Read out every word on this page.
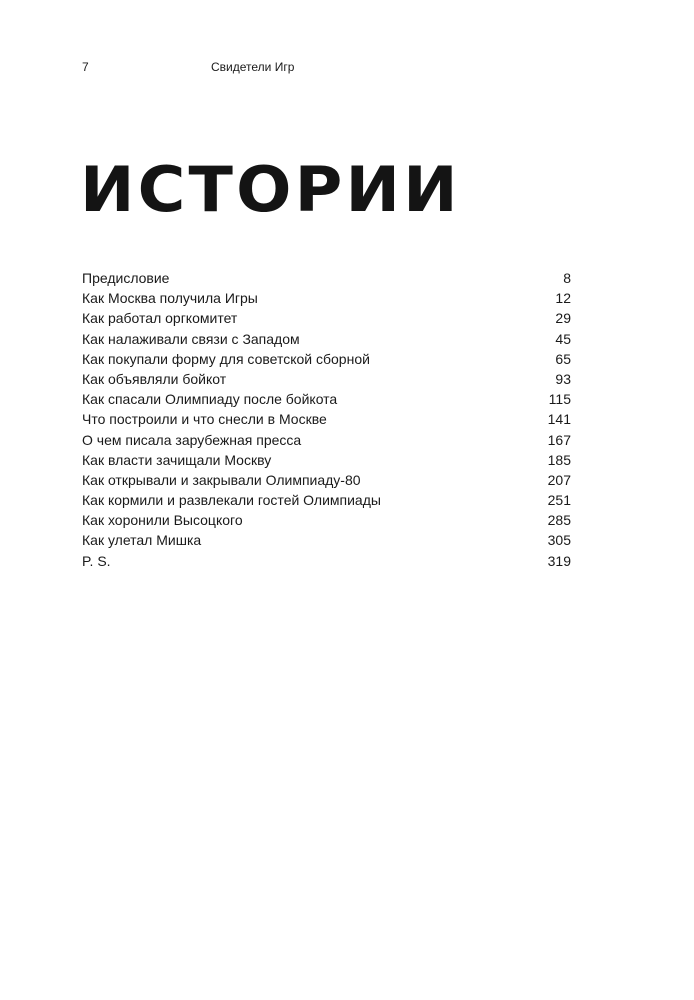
7	Свидетели Игр
ИСТОРИИ
Предисловие	8
Как Москва получила Игры	12
Как работал оргкомитет	29
Как налаживали связи с Западом	45
Как покупали форму для советской сборной	65
Как объявляли бойкот	93
Как спасали Олимпиаду после бойкота	115
Что построили и что снесли в Москве	141
О чем писала зарубежная пресса	167
Как власти зачищали Москву	185
Как открывали и закрывали Олимпиаду-80	207
Как кормили и развлекали гостей Олимпиады	251
Как хоронили Высоцкого	285
Как улетал Мишка	305
P. S.	319
